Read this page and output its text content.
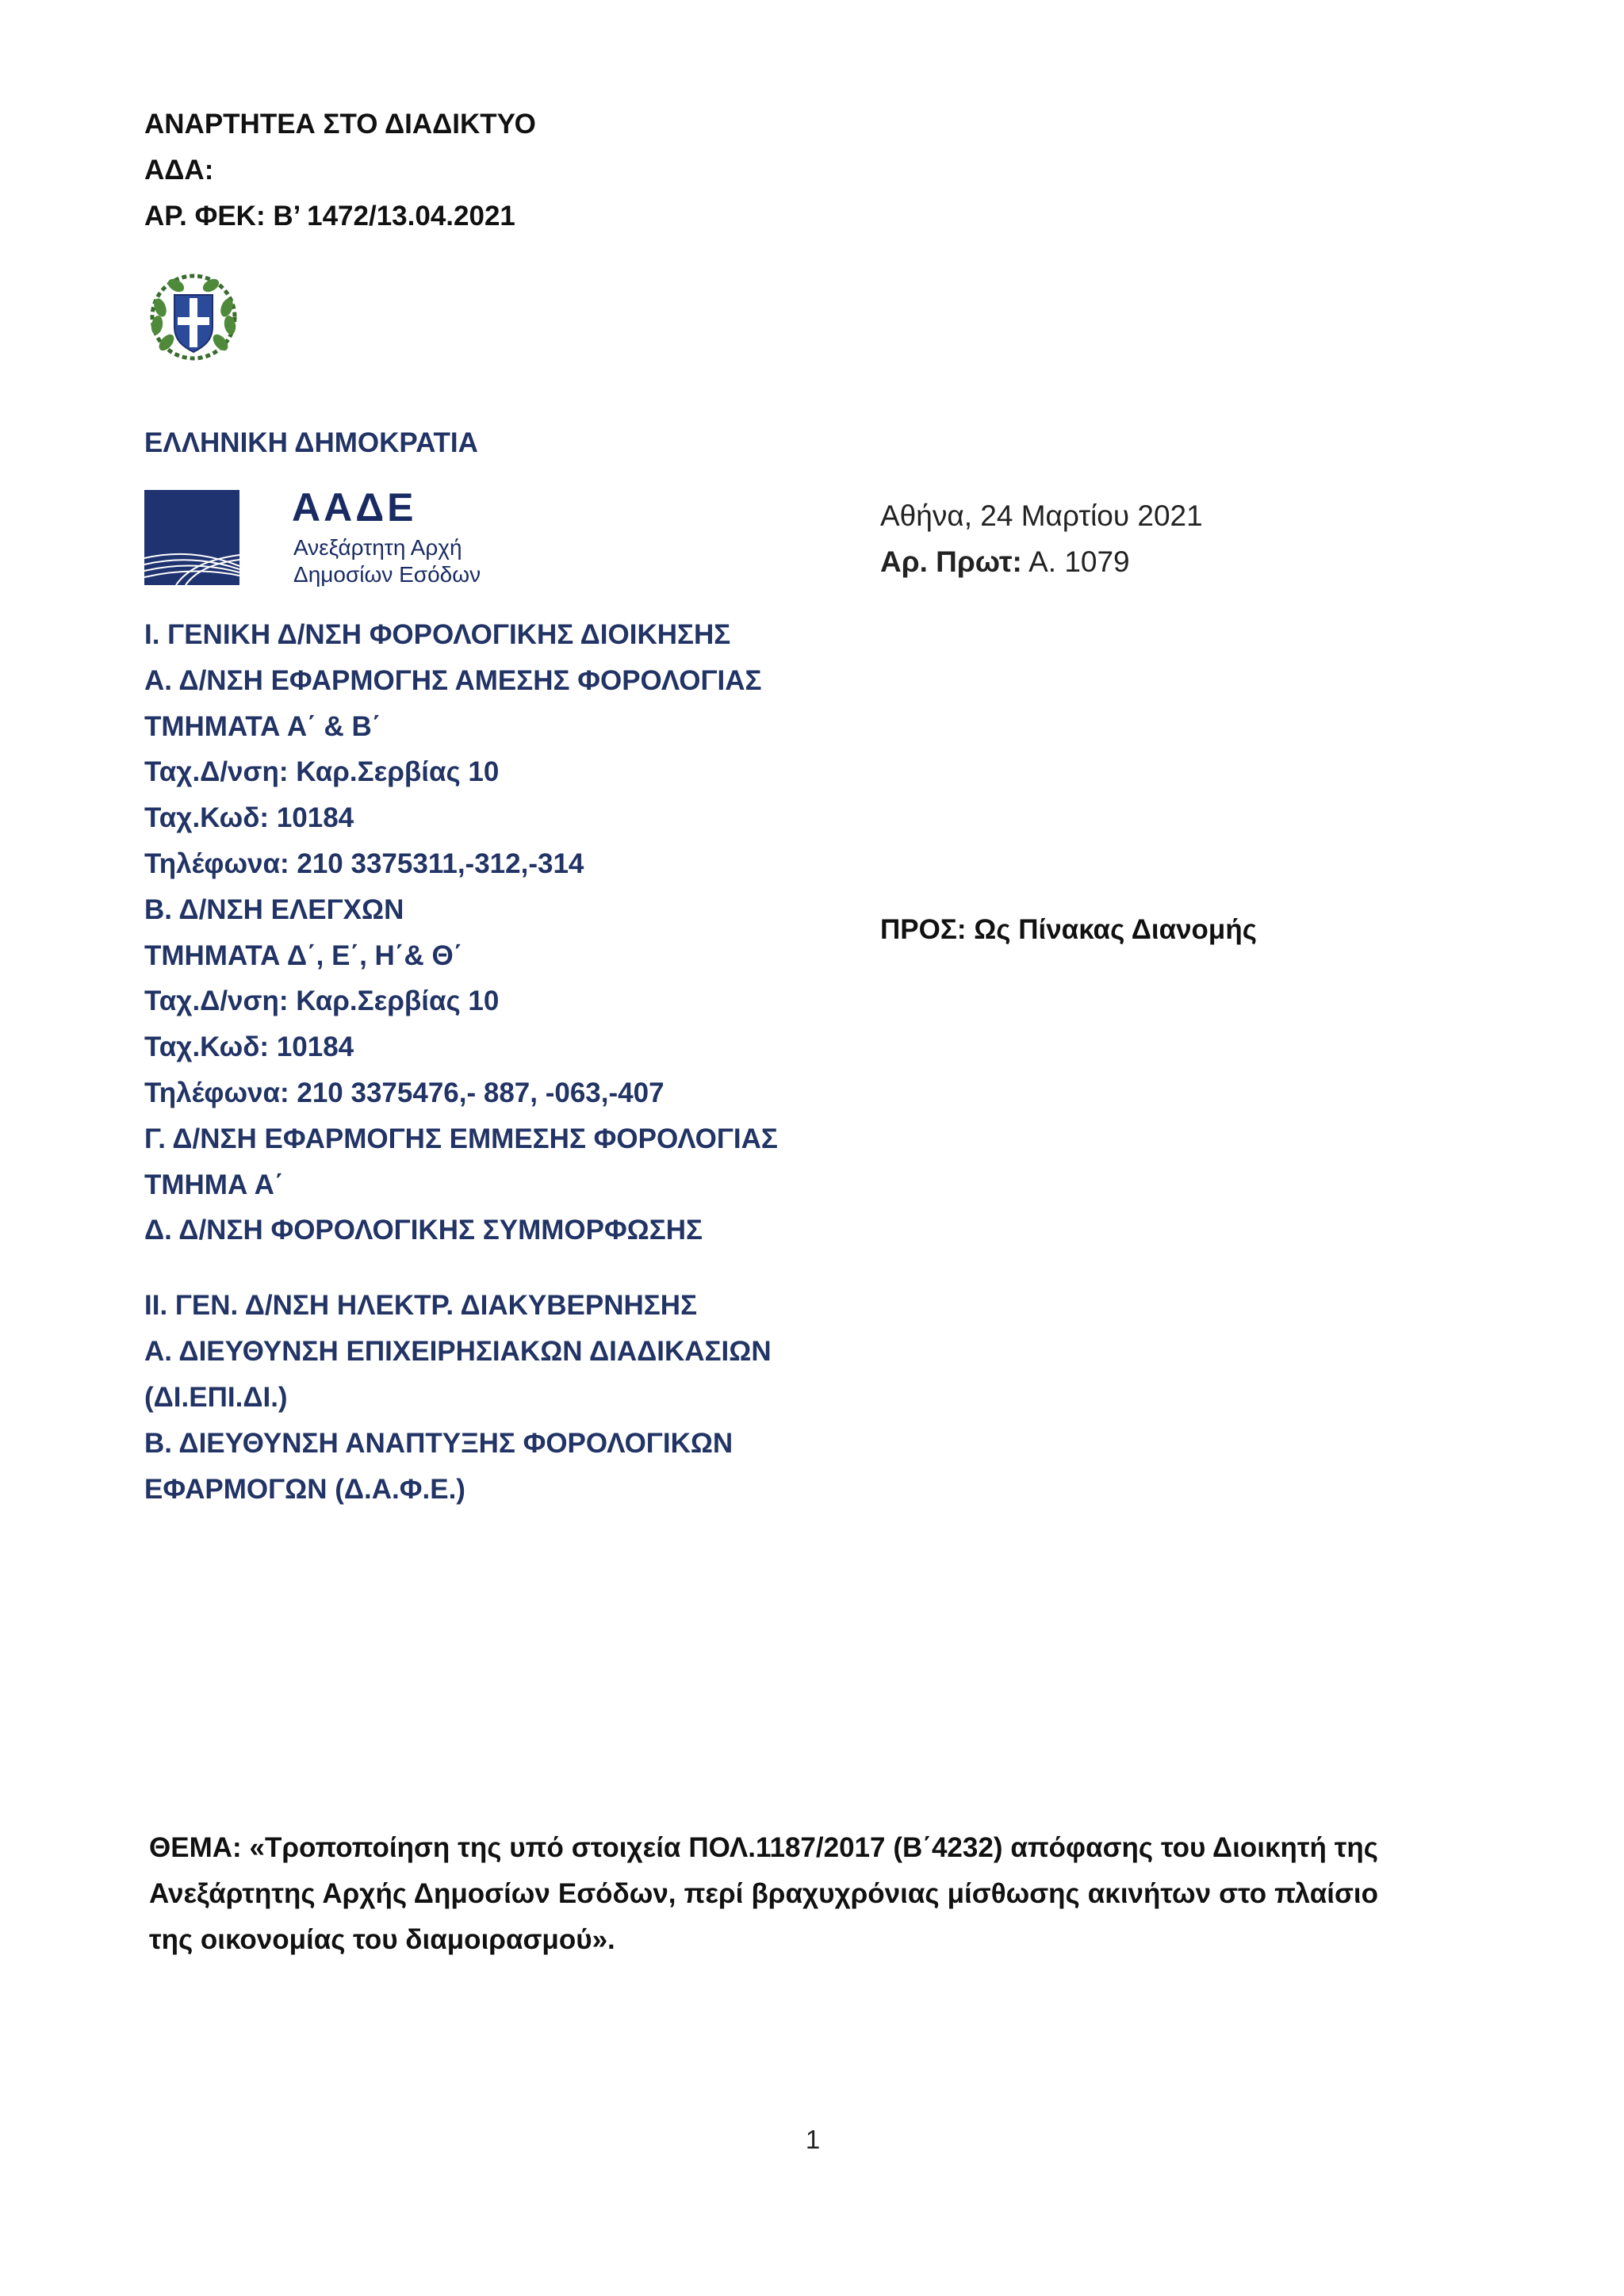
ΑΝΑΡΤΗΤΕΑ ΣΤΟ ΔΙΑΔΙΚΤΥΟ
ΑΔΑ:
ΑΡ. ΦΕΚ: Β’ 1472/13.04.2021
ΕΛΛΗΝΙΚΗ ΔΗΜΟΚΡΑΤΙΑ
ΑΑΔΕ
Ανεξάρτητη Αρχή
Δημοσίων Εσόδων
Αθήνα, 24 Μαρτίου 2021
Αρ. Πρωτ: Α. 1079
ΠΡΟΣ: Ως Πίνακας Διανομής
Ι. ΓΕΝΙΚΗ Δ/ΝΣΗ ΦΟΡΟΛΟΓΙΚΗΣ ΔΙΟΙΚΗΣΗΣ
Α. Δ/ΝΣΗ ΕΦΑΡΜΟΓΗΣ ΑΜΕΣΗΣ ΦΟΡΟΛΟΓΙΑΣ
ΤΜΗΜΑΤΑ Α΄ & Β΄
Ταχ.Δ/νση: Καρ.Σερβίας 10
Ταχ.Κωδ: 10184
Τηλέφωνα: 210 3375311,-312,-314
Β. Δ/ΝΣΗ ΕΛΕΓΧΩΝ
ΤΜΗΜΑΤΑ Δ΄, Ε΄, Η΄& Θ΄
Ταχ.Δ/νση: Καρ.Σερβίας 10
Ταχ.Κωδ: 10184
Τηλέφωνα: 210 3375476,- 887, -063,-407
Γ. Δ/ΝΣΗ ΕΦΑΡΜΟΓΗΣ ΕΜΜΕΣΗΣ ΦΟΡΟΛΟΓΙΑΣ
ΤΜΗΜΑ Α΄
Δ. Δ/ΝΣΗ ΦΟΡΟΛΟΓΙΚΗΣ ΣΥΜΜΟΡΦΩΣΗΣ
ΙΙ. ΓΕΝ. Δ/ΝΣΗ ΗΛΕΚΤΡ. ΔΙΑΚΥΒΕΡΝΗΣΗΣ
Α. ΔΙΕΥΘΥΝΣΗ ΕΠΙΧΕΙΡΗΣΙΑΚΩΝ ΔΙΑΔΙΚΑΣΙΩΝ
(ΔΙ.ΕΠΙ.ΔΙ.)
Β. ΔΙΕΥΘΥΝΣΗ ΑΝΑΠΤΥΞΗΣ ΦΟΡΟΛΟΓΙΚΩΝ
ΕΦΑΡΜΟΓΩΝ (Δ.Α.Φ.Ε.)
ΘΕΜΑ: «Τροποποίηση της υπό στοιχεία ΠΟΛ.1187/2017 (Β΄4232) απόφασης του Διοικητή της Ανεξάρτητης Αρχής Δημοσίων Εσόδων, περί βραχυχρόνιας μίσθωσης ακινήτων στο πλαίσιο της οικονομίας του διαμοιρασμού».
1
